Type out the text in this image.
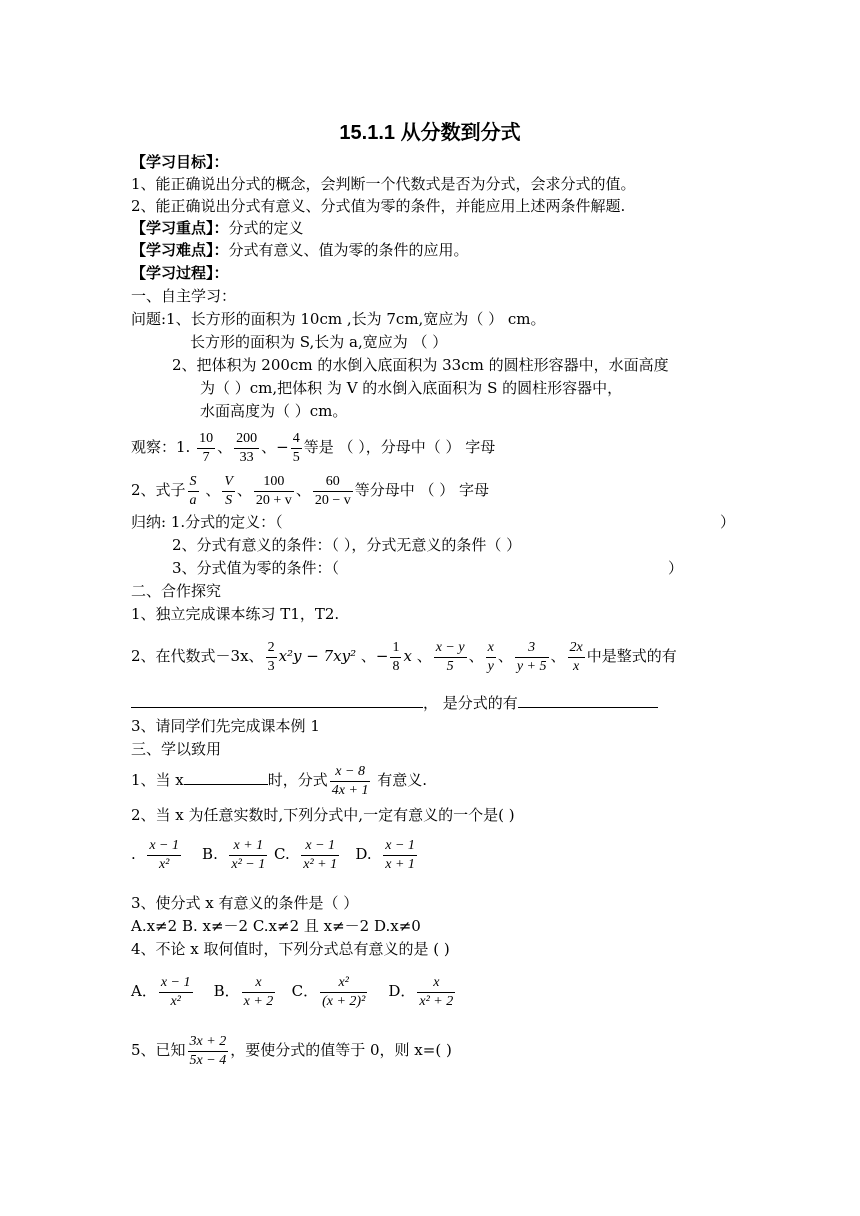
15.1.1 从分数到分式
【学习目标】：
1、能正确说出分式的概念，会判断一个代数式是否为分式，会求分式的值。
2、能正确说出分式有意义、分式值为零的条件，并能应用上述两条件解题.
【学习重点】：分式的定义
【学习难点】：分式有意义、值为零的条件的应用。
【学习过程】：
一、自主学习：
问题:1、长方形的面积为 10cm ,长为 7cm,宽应为（ ） cm。
长方形的面积为 S,长为 a,宽应为 （ ）
2、把体积为 200cm 的水倒入底面积为 33cm 的圆柱形容器中，水面高度
为（ ）cm,把体积 为 V 的水倒入底面积为 S 的圆柱形容器中，
水面高度为（ ）cm。
观察：1. $\frac{10}{7}$ 、 $\frac{200}{33}$ 、− $\frac{4}{5}$ 等是 （ ），分母中（ ） 字母
2、式子 $\frac{S}{a}$ 、 $\frac{V}{S}$ 、 $\frac{100}{20 + v}$ 、 $\frac{60}{20 - v}$ 等分母中 （ ） 字母
归纳: 1.分式的定义：（	）
2、分式有意义的条件：（ ），分式无意义的条件（ ）
3、分式值为零的条件：（	）
二、合作探究
1、独立完成课本练习 T1，T2.
2、在代数式－3x、 $\frac{2}{3} x^2y - 7xy^2$ 、− $\frac{1}{8}$ x 、 $\frac{x - y}{5}$ 、 $\frac{x}{y}$ 、 $\frac{3}{y + 5}$ 、 $\frac{2x}{x}$ 中是整式的有
， 是分式的有
3、请同学们先完成课本例 1
三、学以致用
1、当 x	时，分式 $\frac{x - 8}{4x + 1}$ 有意义.
2、当 x 为任意实数时,下列分式中,一定有意义的一个是( )
. $\frac{x - 1}{\text{x²}} B$. $\frac{x + 1}{\text{x² − 1}} C$. $\frac{x - 1}{\text{x² + 1}} D$. $\frac{x - 1}{x + 1}$
3、使分式 x 有意义的条件是（ ）
A.x≠2 B. x≠－2 C.x≠2 且 x≠－2 D.x≠0
4、不论 x 取何值时，下列分式总有意义的是 ( )
A． $\frac{x - 1}{\text{x²}}$ B． $\frac{x}{x + 2}$ C． $\frac{\text{x²}}{\text{(x + 2)²}}$ D． $\frac{x}{\text{x² + 2}}$
5、已知 $\frac{3x + 2}{5x - 4}$ ，要使分式的值等于 0，则 x=( )
